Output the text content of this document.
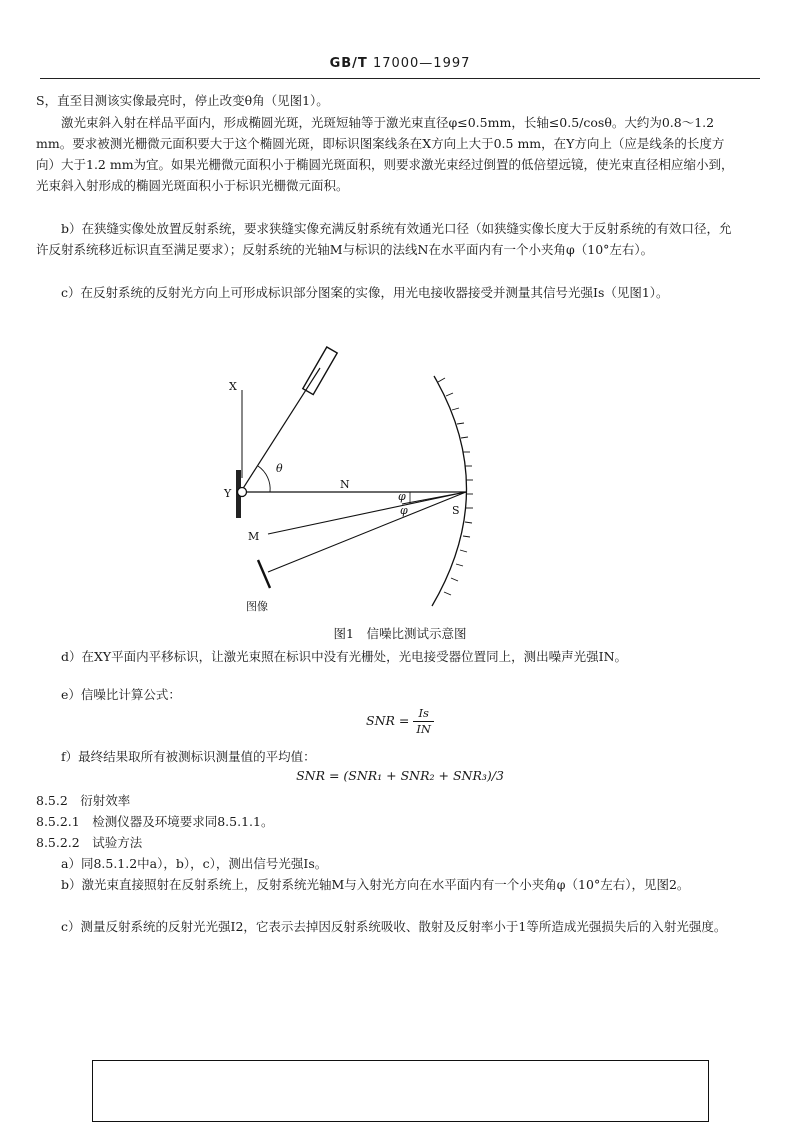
GB/T 17000—1997

S，直至目测该实像最亮时，停止改变θ角（见图1）。

激光束斜入射在样品平面内，形成椭圆光斑，光斑短轴等于激光束直径φ≤0.5mm，长轴≤0.5/cosθ。大约为0.8～1.2 mm。要求被测光栅微元面积要大于这个椭圆光斑，即标识图案线条在X方向上大于0.5 mm，在Y方向上（应是线条的长度方向）大于1.2 mm为宜。如果光栅微元面积小于椭圆光斑面积，则要求激光束经过倒置的低倍望远镜，使光束直径相应缩小到，光束斜入射形成的椭圆光斑面积小于标识光栅微元面积。

b）在狭缝实像处放置反射系统，要求狭缝实像充满反射系统有效通光口径（如狭缝实像长度大于反射系统的有效口径，允许反射系统移近标识直至满足要求）；反射系统的光轴M与标识的法线N在水平面内有一个小夹角φ（10°左右）。

c）在反射系统的反射光方向上可形成标识部分图案的实像，用光电接收器接受并测量其信号光强Is（见图1）。

X
Y
θ
N
M
图像
φ
φ	S
图1　信噪比测试示意图

d）在XY平面内平移标识，让激光束照在标识中没有光栅处，光电接受器位置同上，测出噪声光强IN。

e）信噪比计算公式：

SNR = $\frac{Is}{IN}$

f）最终结果取所有被测标识测量值的平均值：

SNR = (SNR₁ + SNR₂ + SNR₃)/3

8.5.2　衍射效率

8.5.2.1　检测仪器及环境要求同8.5.1.1。

8.5.2.2　试验方法

a）同8.5.1.2中a），b），c），测出信号光强Is。

b）激光束直接照射在反射系统上，反射系统光轴M与入射光方向在水平面内有一个小夹角φ（10°左右），见图2。

c）测量反射系统的反射光光强I2，它表示去掉因反射系统吸收、散射及反射率小于1等所造成光强损失后的入射光强度。
